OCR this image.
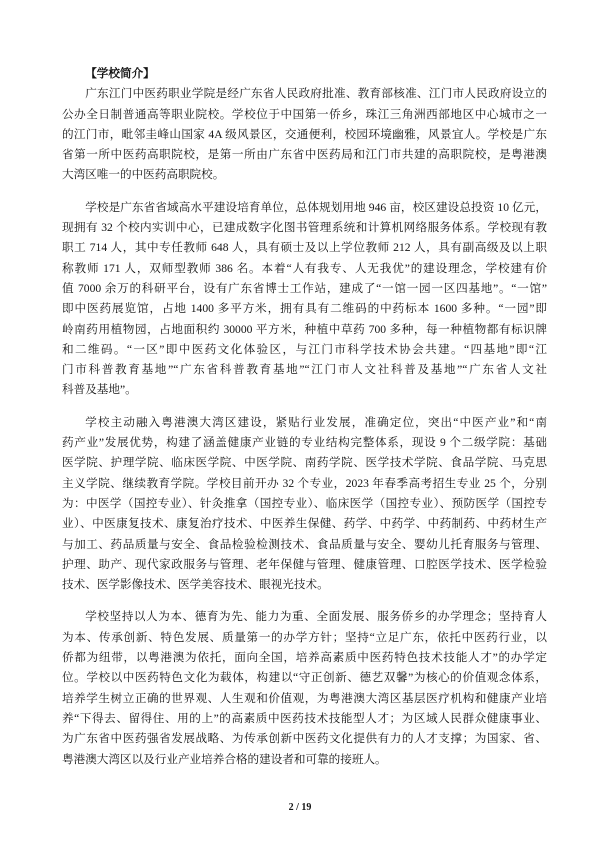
【学校简介】
广东江门中医药职业学院是经广东省人民政府批准、教育部核准、江门市人民政府设立的
公办全日制普通高等职业院校。学校位于中国第一侨乡，珠江三角洲西部地区中心城市之一
的江门市，毗邻圭峰山国家 4A 级风景区，交通便利，校园环境幽雅，风景宜人。学校是广东
省第一所中医药高职院校，是第一所由广东省中医药局和江门市共建的高职院校，是粤港澳
大湾区唯一的中医药高职院校。
学校是广东省省域高水平建设培育单位，总体规划用地 946 亩，校区建设总投资 10 亿元，
现拥有 32 个校内实训中心，已建成数字化图书管理系统和计算机网络服务体系。学校现有教
职工 714 人，其中专任教师 648 人，具有硕士及以上学位教师 212 人，具有副高级及以上职
称教师 171 人，双师型教师 386 名。本着“人有我专、人无我优”的建设理念，学校建有价
值 7000 余万的科研平台，设有广东省博士工作站，建成了“一馆一园一区四基地”。“一馆”
即中医药展览馆，占地 1400 多平方米，拥有具有二维码的中药标本 1600 多种。“一园”即
岭南药用植物园，占地面积约 30000 平方米，种植中草药 700 多种，每一种植物都有标识牌
和二维码。“一区”即中医药文化体验区，与江门市科学技术协会共建。“四基地”即“江
门市科普教育基地”“广东省科普教育基地”“江门市人文社科普及基地”“广东省人文社
科普及基地”。
学校主动融入粤港澳大湾区建设，紧贴行业发展，准确定位，突出“中医产业”和“南
药产业”发展优势，构建了涵盖健康产业链的专业结构完整体系，现设 9 个二级学院：基础
医学院、护理学院、临床医学院、中医学院、南药学院、医学技术学院、食品学院、马克思
主义学院、继续教育学院。学校目前开办 32 个专业，2023 年春季高考招生专业 25 个，分别
为：中医学（国控专业）、针灸推拿（国控专业）、临床医学（国控专业）、预防医学（国控专
业）、中医康复技术、康复治疗技术、中医养生保健、药学、中药学、中药制药、中药材生产
与加工、药品质量与安全、食品检验检测技术、食品质量与安全、婴幼儿托育服务与管理、
护理、助产、现代家政服务与管理、老年保健与管理、健康管理、口腔医学技术、医学检验
技术、医学影像技术、医学美容技术、眼视光技术。
学校坚持以人为本、德育为先、能力为重、全面发展、服务侨乡的办学理念；坚持育人
为本、传承创新、特色发展、质量第一的办学方针；坚持“立足广东，依托中医药行业，以
侨都为纽带，以粤港澳为依托，面向全国，培养高素质中医药特色技术技能人才”的办学定
位。学校以中医药特色文化为载体，构建以“守正创新、德艺双馨”为核心的价值观念体系，
培养学生树立正确的世界观、人生观和价值观，为粤港澳大湾区基层医疗机构和健康产业培
养“下得去、留得住、用的上”的高素质中医药技术技能型人才；为区域人民群众健康事业、
为广东省中医药强省发展战略、为传承创新中医药文化提供有力的人才支撑；为国家、省、
粤港澳大湾区以及行业产业培养合格的建设者和可靠的接班人。
2 / 19
